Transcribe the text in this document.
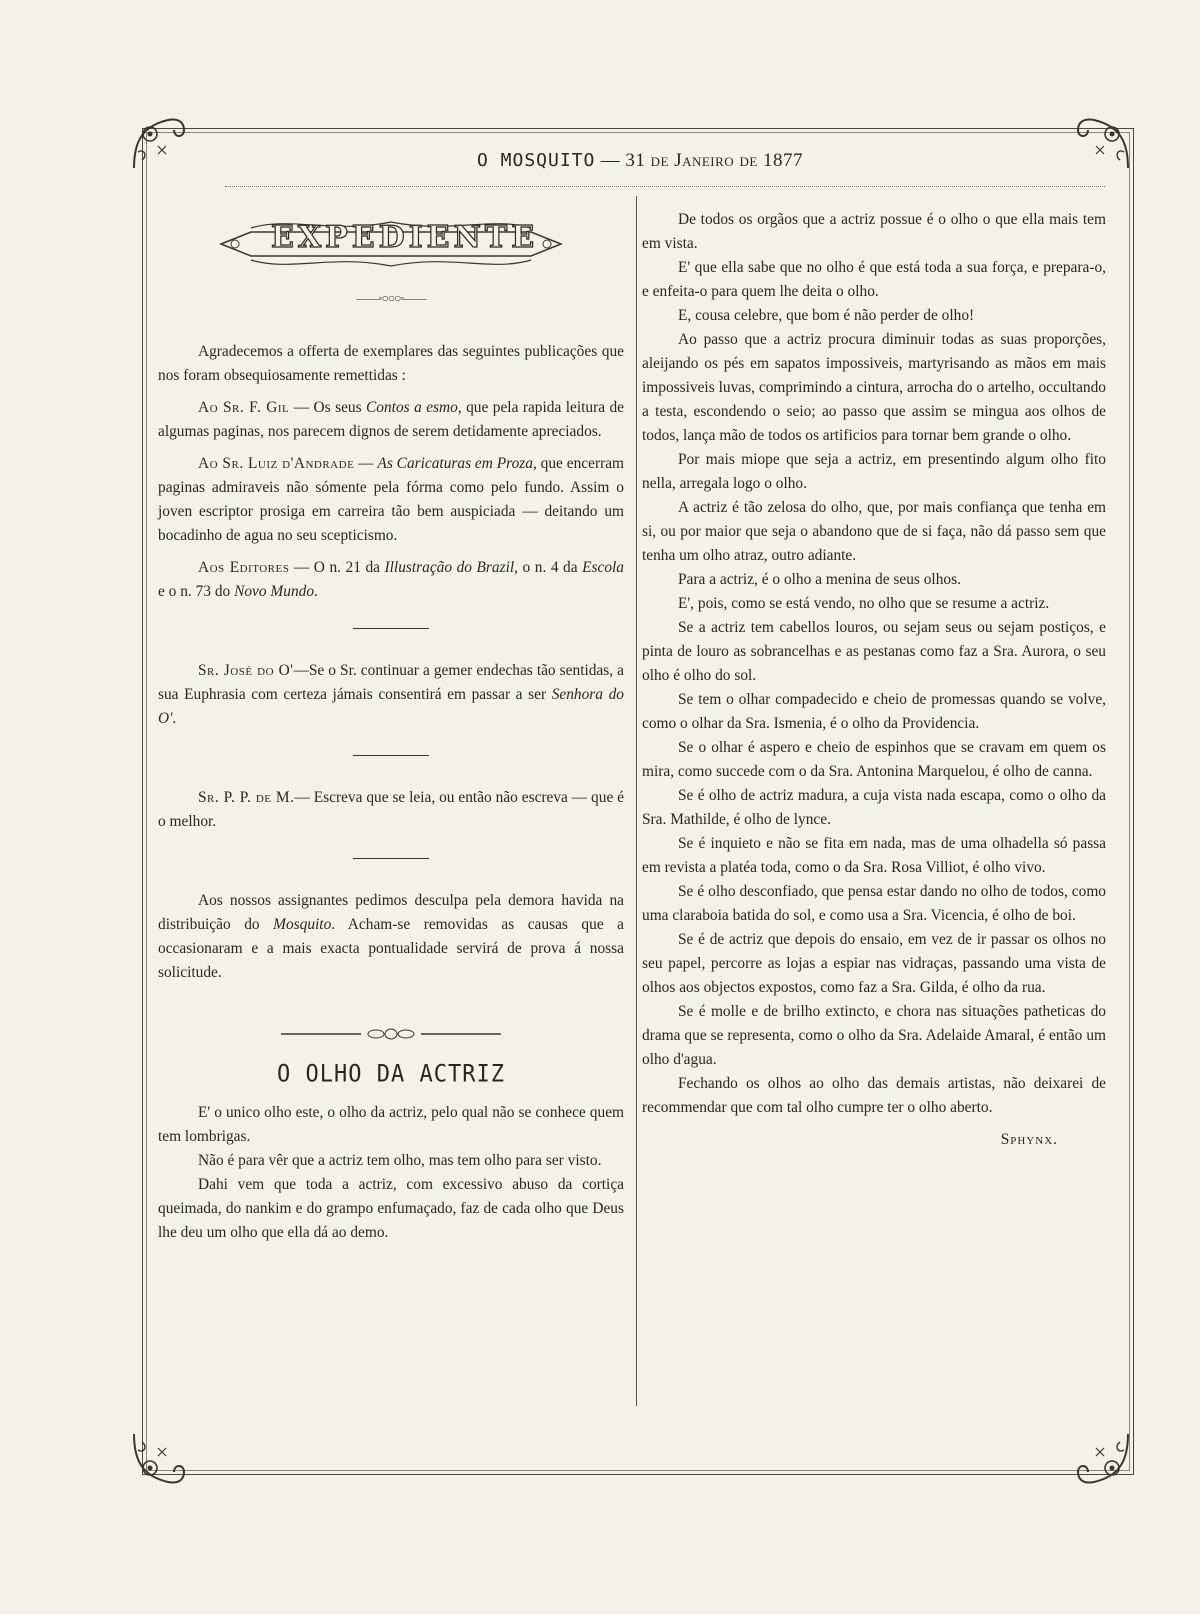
O MOSQUITO — 31 de Janeiro de 1877
EXPEDIENTE
——◦○○○◦——

Agradecemos a offerta de exemplares das seguintes publicações que nos foram obsequiosamente remettidas :

Ao Sr. F. Gil — Os seus Contos a esmo, que pela rapida leitura de algumas paginas, nos parecem dignos de serem detidamente apreciados.

Ao Sr. Luiz d'Andrade — As Caricaturas em Proza, que encerram paginas admiraveis não sómente pela fórma como pelo fundo. Assim o joven escriptor prosiga em carreira tão bem auspiciada — deitando um bocadinho de agua no seu scepticismo.

Aos Editores — O n. 21 da Illustração do Brazil, o n. 4 da Escola e o n. 73 do Novo Mundo.

Sr. José do O'—Se o Sr. continuar a gemer endechas tão sentidas, a sua Euphrasia com certeza jámais consentirá em passar a ser Senhora do O'.

Sr. P. P. de M.— Escreva que se leia, ou então não escreva — que é o melhor.

Aos nossos assignantes pedimos desculpa pela demora havida na distribuição do Mosquito. Acham-se removidas as causas que a occasionaram e a mais exacta pontualidade servirá de prova á nossa solicitude.

O OLHO DA ACTRIZ

E' o unico olho este, o olho da actriz, pelo qual não se conhece quem tem lombrigas.

Não é para vêr que a actriz tem olho, mas tem olho para ser visto.

Dahi vem que toda a actriz, com excessivo abuso da cortiça queimada, do nankim e do grampo enfumaçado, faz de cada olho que Deus lhe deu um olho que ella dá ao demo.

De todos os orgãos que a actriz possue é o olho o que ella mais tem em vista.

E' que ella sabe que no olho é que está toda a sua força, e prepara-o, e enfeita-o para quem lhe deita o olho.

E, cousa celebre, que bom é não perder de olho!

Ao passo que a actriz procura diminuir todas as suas proporções, aleijando os pés em sapatos impossiveis, martyrisando as mãos em mais impossiveis luvas, comprimindo a cintura, arrocha do o artelho, occultando a testa, escondendo o seio; ao passo que assim se mingua aos olhos de todos, lança mão de todos os artificios para tornar bem grande o olho.

Por mais miope que seja a actriz, em presentindo algum olho fito nella, arregala logo o olho.

A actriz é tão zelosa do olho, que, por mais confiança que tenha em si, ou por maior que seja o abandono que de si faça, não dá passo sem que tenha um olho atraz, outro adiante.

Para a actriz, é o olho a menina de seus olhos.

E', pois, como se está vendo, no olho que se resume a actriz.

Se a actriz tem cabellos louros, ou sejam seus ou sejam postiços, e pinta de louro as sobrancelhas e as pestanas como faz a Sra. Aurora, o seu olho é olho do sol.

Se tem o olhar compadecido e cheio de promessas quando se volve, como o olhar da Sra. Ismenia, é o olho da Providencia.

Se o olhar é aspero e cheio de espinhos que se cravam em quem os mira, como succede com o da Sra. Antonina Marquelou, é olho de canna.

Se é olho de actriz madura, a cuja vista nada escapa, como o olho da Sra. Mathilde, é olho de lynce.

Se é inquieto e não se fita em nada, mas de uma olhadella só passa em revista a platéa toda, como o da Sra. Rosa Villiot, é olho vivo.

Se é olho desconfiado, que pensa estar dando no olho de todos, como uma claraboia batida do sol, e como usa a Sra. Vicencia, é olho de boi.

Se é de actriz que depois do ensaio, em vez de ir passar os olhos no seu papel, percorre as lojas a espiar nas vidraças, passando uma vista de olhos aos objectos expostos, como faz a Sra. Gilda, é olho da rua.

Se é molle e de brilho extincto, e chora nas situações patheticas do drama que se representa, como o olho da Sra. Adelaide Amaral, é então um olho d'agua.

Fechando os olhos ao olho das demais artistas, não deixarei de recommendar que com tal olho cumpre ter o olho aberto.

Sphynx.
